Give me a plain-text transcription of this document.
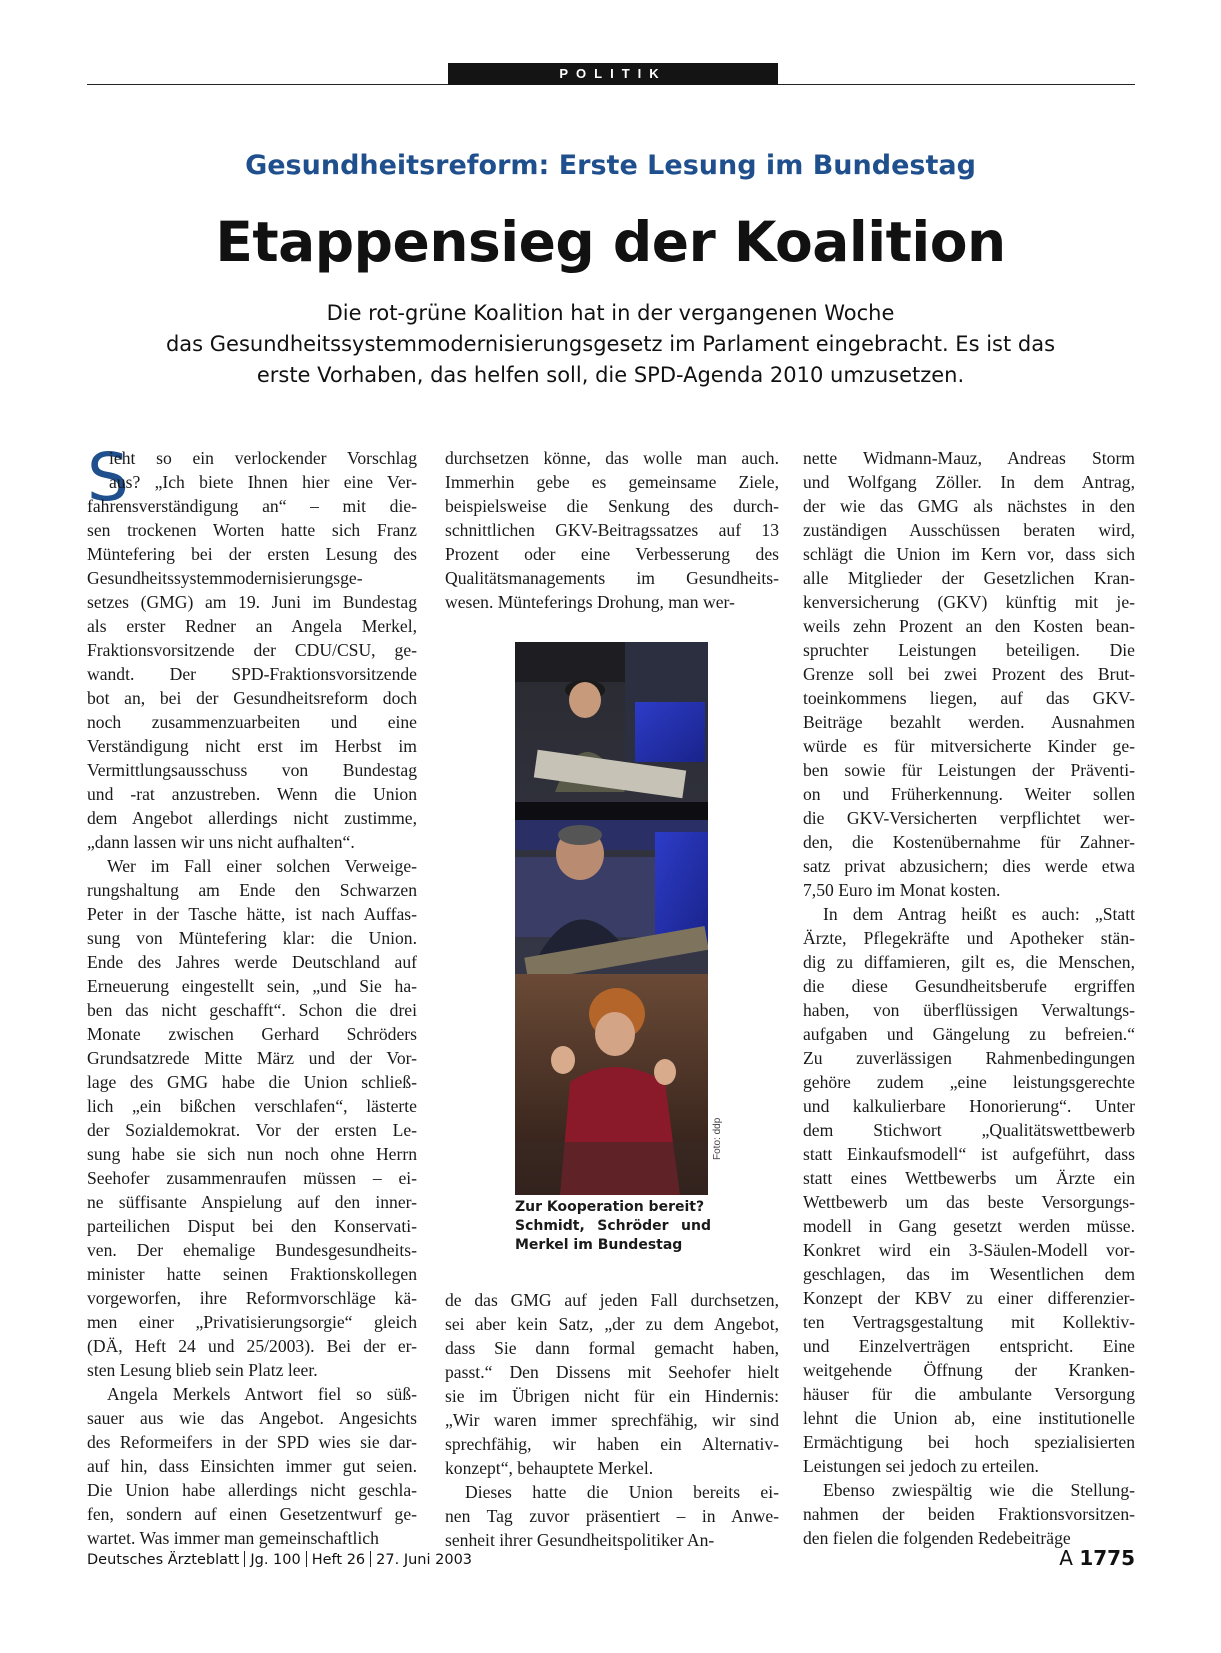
POLITIK
Gesundheitsreform: Erste Lesung im Bundestag
Etappensieg der Koalition
Die rot-grüne Koalition hat in der vergangenen Woche
das Gesundheitssystemmodernisierungsgesetz im Parlament eingebracht. Es ist das
erste Vorhaben, das helfen soll, die SPD-Agenda 2010 umzusetzen.
S
ieht so ein verlockender Vorschlag
aus? „Ich biete Ihnen hier eine Ver-
fahrensverständigung an“ – mit die-
sen trockenen Worten hatte sich Franz
Müntefering bei der ersten Lesung des
Gesundheitssystemmodernisierungsge-
setzes (GMG) am 19. Juni im Bundestag
als erster Redner an Angela Merkel,
Fraktionsvorsitzende der CDU/CSU, ge-
wandt. Der SPD-Fraktionsvorsitzende
bot an, bei der Gesundheitsreform doch
noch zusammenzuarbeiten und eine
Verständigung nicht erst im Herbst im
Vermittlungsausschuss von Bundestag
und -rat anzustreben. Wenn die Union
dem Angebot allerdings nicht zustimme,
„dann lassen wir uns nicht aufhalten“.
Wer im Fall einer solchen Verweige-
rungshaltung am Ende den Schwarzen
Peter in der Tasche hätte, ist nach Auffas-
sung von Müntefering klar: die Union.
Ende des Jahres werde Deutschland auf
Erneuerung eingestellt sein, „und Sie ha-
ben das nicht geschafft“. Schon die drei
Monate zwischen Gerhard Schröders
Grundsatzrede Mitte März und der Vor-
lage des GMG habe die Union schließ-
lich „ein bißchen verschlafen“, lästerte
der Sozialdemokrat. Vor der ersten Le-
sung habe sie sich nun noch ohne Herrn
Seehofer zusammenraufen müssen – ei-
ne süffisante Anspielung auf den inner-
parteilichen Disput bei den Konservati-
ven. Der ehemalige Bundesgesundheits-
minister hatte seinen Fraktionskollegen
vorgeworfen, ihre Reformvorschläge kä-
men einer „Privatisierungsorgie“ gleich
(DÄ, Heft 24 und 25/2003). Bei der er-
sten Lesung blieb sein Platz leer.
Angela Merkels Antwort fiel so süß-
sauer aus wie das Angebot. Angesichts
des Reformeifers in der SPD wies sie dar-
auf hin, dass Einsichten immer gut seien.
Die Union habe allerdings nicht geschla-
fen, sondern auf einen Gesetzentwurf ge-
wartet. Was immer man gemeinschaftlich
durchsetzen könne, das wolle man auch.
Immerhin gebe es gemeinsame Ziele,
beispielsweise die Senkung des durch-
schnittlichen GKV-Beitragssatzes auf 13
Prozent oder eine Verbesserung des
Qualitätsmanagements im Gesundheits-
wesen. Münteferings Drohung, man wer-
Foto: ddp
Zur Kooperation bereit?
Schmidt, Schröder und
Merkel im Bundestag
de das GMG auf jeden Fall durchsetzen,
sei aber kein Satz, „der zu dem Angebot,
dass Sie dann formal gemacht haben,
passt.“ Den Dissens mit Seehofer hielt
sie im Übrigen nicht für ein Hindernis:
„Wir waren immer sprechfähig, wir sind
sprechfähig, wir haben ein Alternativ-
konzept“, behauptete Merkel.
Dieses hatte die Union bereits ei-
nen Tag zuvor präsentiert – in Anwe-
senheit ihrer Gesundheitspolitiker An-
nette Widmann-Mauz, Andreas Storm
und Wolfgang Zöller. In dem Antrag,
der wie das GMG als nächstes in den
zuständigen Ausschüssen beraten wird,
schlägt die Union im Kern vor, dass sich
alle Mitglieder der Gesetzlichen Kran-
kenversicherung (GKV) künftig mit je-
weils zehn Prozent an den Kosten bean-
spruchter Leistungen beteiligen. Die
Grenze soll bei zwei Prozent des Brut-
toeinkommens liegen, auf das GKV-
Beiträge bezahlt werden. Ausnahmen
würde es für mitversicherte Kinder ge-
ben sowie für Leistungen der Präventi-
on und Früherkennung. Weiter sollen
die GKV-Versicherten verpflichtet wer-
den, die Kostenübernahme für Zahner-
satz privat abzusichern; dies werde etwa
7,50 Euro im Monat kosten.
In dem Antrag heißt es auch: „Statt
Ärzte, Pflegekräfte und Apotheker stän-
dig zu diffamieren, gilt es, die Menschen,
die diese Gesundheitsberufe ergriffen
haben, von überflüssigen Verwaltungs-
aufgaben und Gängelung zu befreien.“
Zu zuverlässigen Rahmenbedingungen
gehöre zudem „eine leistungsgerechte
und kalkulierbare Honorierung“. Unter
dem Stichwort „Qualitätswettbewerb
statt Einkaufsmodell“ ist aufgeführt, dass
statt eines Wettbewerbs um Ärzte ein
Wettbewerb um das beste Versorgungs-
modell in Gang gesetzt werden müsse.
Konkret wird ein 3-Säulen-Modell vor-
geschlagen, das im Wesentlichen dem
Konzept der KBV zu einer differenzier-
ten Vertragsgestaltung mit Kollektiv-
und Einzelverträgen entspricht. Eine
weitgehende Öffnung der Kranken-
häuser für die ambulante Versorgung
lehnt die Union ab, eine institutionelle
Ermächtigung bei hoch spezialisierten
Leistungen sei jedoch zu erteilen.
Ebenso zwiespältig wie die Stellung-
nahmen der beiden Fraktionsvorsitzen-
den fielen die folgenden Redebeiträge
Deutsches Ärzteblatt Jg. 100 Heft 26 27. Juni 2003	A 1775
